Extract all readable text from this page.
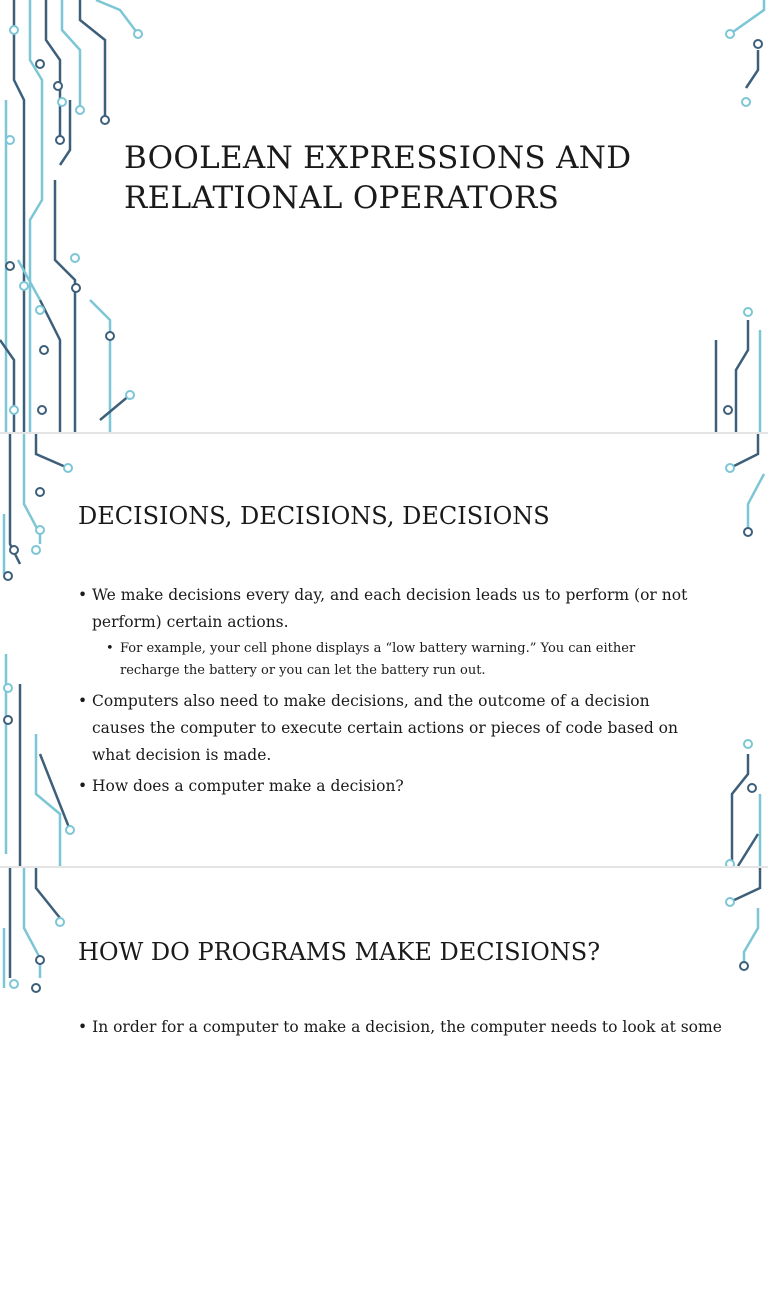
BOOLEAN EXPRESSIONS AND RELATIONAL OPERATORS
DECISIONS, DECISIONS, DECISIONS
• We make decisions every day, and each decision leads us to perform (or not perform) certain actions.
• For example, your cell phone displays a “low battery warning.” You can either recharge the battery or you can let the battery run out.
• Computers also need to make decisions, and the outcome of a decision causes the computer to execute certain actions or pieces of code based on what decision is made.
• How does a computer make a decision?
HOW DO PROGRAMS MAKE DECISIONS?
• In order for a computer to make a decision, the computer needs to look at some
